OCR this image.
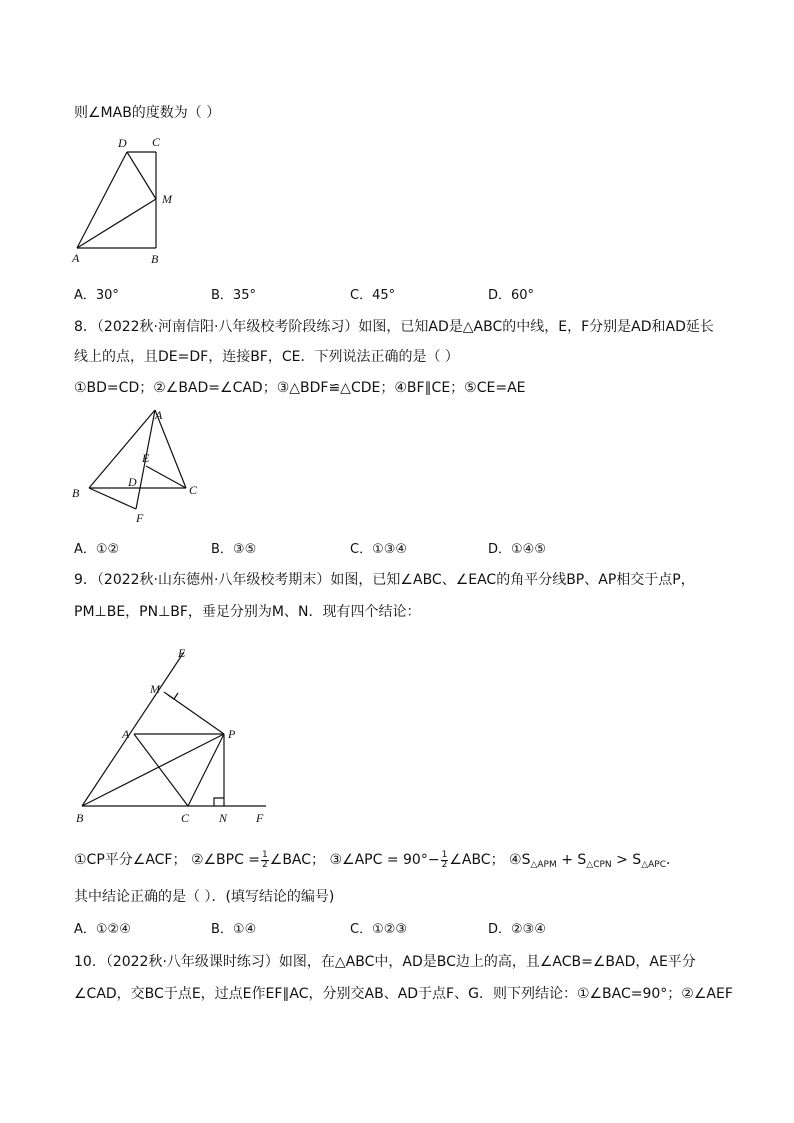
则∠MAB的度数为（ ）
D C
M
A	B
A．30°	B．35°	C．45°	D．60°
8．（2022秋·河南信阳·八年级校考阶段练习）如图，已知AD是△ABC的中线，E，F分别是AD和AD延长
线上的点，且DE=DF，连接BF，CE．下列说法正确的是（ ）
①BD=CD；②∠BAD=∠CAD；③△BDF≌△CDE；④BF∥CE；⑤CE=AE
A
E
D
B	C
F
A．①②	B．③⑤	C．①③④	D．①④⑤
9．（2022秋·山东德州·八年级校考期末）如图，已知∠ABC、∠EAC的角平分线BP、AP相交于点P，
PM⊥BE，PN⊥BF，垂足分别为M、N．现有四个结论：
E
M
A	P
B	C N F
①CP平分∠ACF； ②∠BPC = $\frac{1}{2}$ ∠BAC； ③∠APC = $90^\circ- \frac{1}{2}$ ∠ABC； $④S_{\triangle APM} + S_{\triangle CPN} > S_{\triangle APC}$．
其中结论正确的是（ ）．(填写结论的编号)
A．①②④	B．①④	C．①②③	D．②③④
10．（2022秋·八年级课时练习）如图，在△ABC中，AD是BC边上的高，且∠ACB=∠BAD，AE平分
∠CAD，交BC于点E，过点E作EF∥AC，分别交AB、AD于点F、G．则下列结论：①∠BAC=90°；②∠AEF
